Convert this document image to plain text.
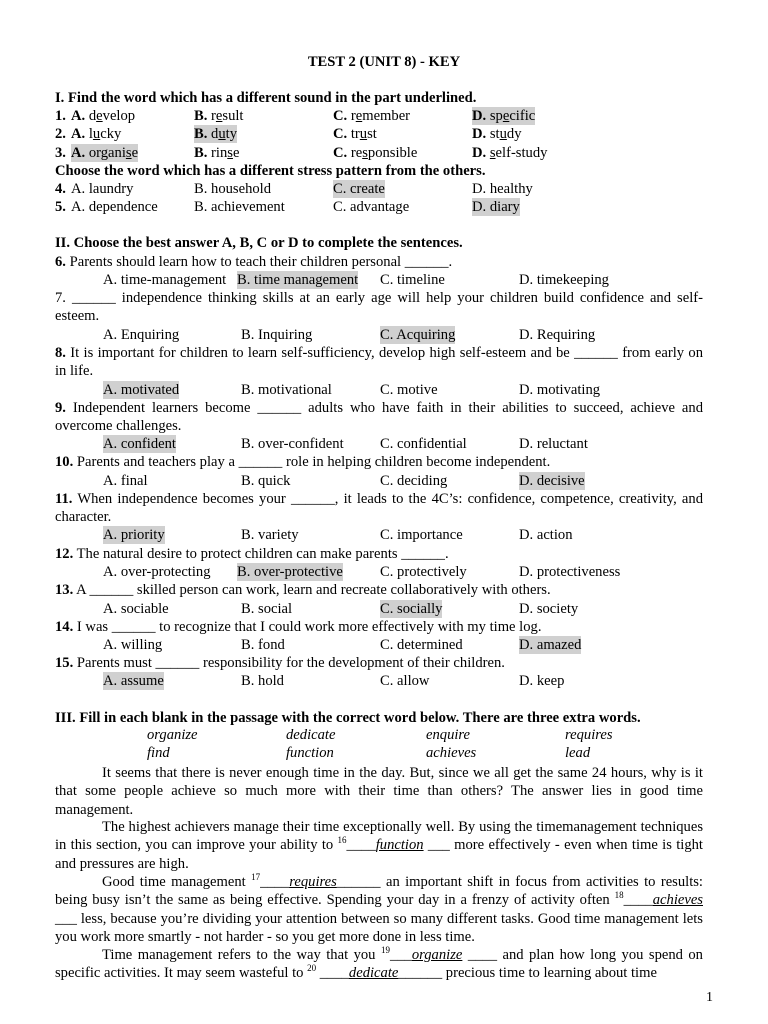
TEST 2 (UNIT 8) - KEY
I. Find the word which has a different sound in the part underlined.
1. A. develop	B. result	C. remember	D. specific
2. A. lucky	B. duty	C. trust	D. study
3. A. organise	B. rinse	C. responsible	D. self-study
Choose the word which has a different stress pattern from the others.
4. A. laundry	B. household	C. create	D. healthy
5. A. dependence B. achievement	C. advantage	D. diary
II. Choose the best answer A, B, C or D to complete the sentences.
6. Parents should learn how to teach their children personal ______.
A. time-management B. time management C. timeline	D. timekeeping
7. ______ independence thinking skills at an early age will help your children build confidence and self-esteem.
A. Enquiring	B. Inquiring	C. Acquiring	D. Requiring
8. It is important for children to learn self-sufficiency, develop high self-esteem and be ______ from early on in life.
A. motivated	B. motivational	C. motive	D. motivating
9. Independent learners become ______ adults who have faith in their abilities to succeed, achieve and overcome challenges.
A. confident	B. over-confident C. confidential	D. reluctant
10. Parents and teachers play a ______ role in helping children become independent.
A. final	B. quick	C. deciding	D. decisive
11. When independence becomes your ______, it leads to the 4C’s: confidence, competence, creativity, and character.
A. priority	B. variety	C. importance	D. action
12. The natural desire to protect children can make parents ______.
A. over-protecting B. over-protective	C. protectively	D. protectiveness
13. A ______ skilled person can work, learn and recreate collaboratively with others.
A. sociable	B. social	C. socially	D. society
14. I was ______ to recognize that I could work more effectively with my time log.
A. willing	B. fond	C. determined	D. amazed
15. Parents must ______ responsibility for the development of their children.
A. assume	B. hold	C. allow	D. keep
III. Fill in each blank in the passage with the correct word below. There are three extra words.
organize	dedicate	enquire	requires
find	function	achieves	lead
It seems that there is never enough time in the day. But, since we all get the same 24 hours, why is it that some people achieve so much more with their time than others? The answer lies in good time management.
The highest achievers manage their time exceptionally well. By using the timemanagement techniques in this section, you can improve your ability to $^{16}$____function ___ more effectively - even when time is tight and pressures are high.
Good time management $^{17}$____requires______ an important shift in focus from activities to results: being busy isn’t the same as being effective. Spending your day in a frenzy of activity often $^{18}$____achieves ___ less, because you’re dividing your attention between so many different tasks. Good time management lets you work more smartly - not harder - so you get more done in less time.
Time management refers to the way that you $^{19}$___organize ____ and plan how long you spend on specific activities. It may seem wasteful to $^{20}$ ____dedicate______ precious time to learning about time
1
